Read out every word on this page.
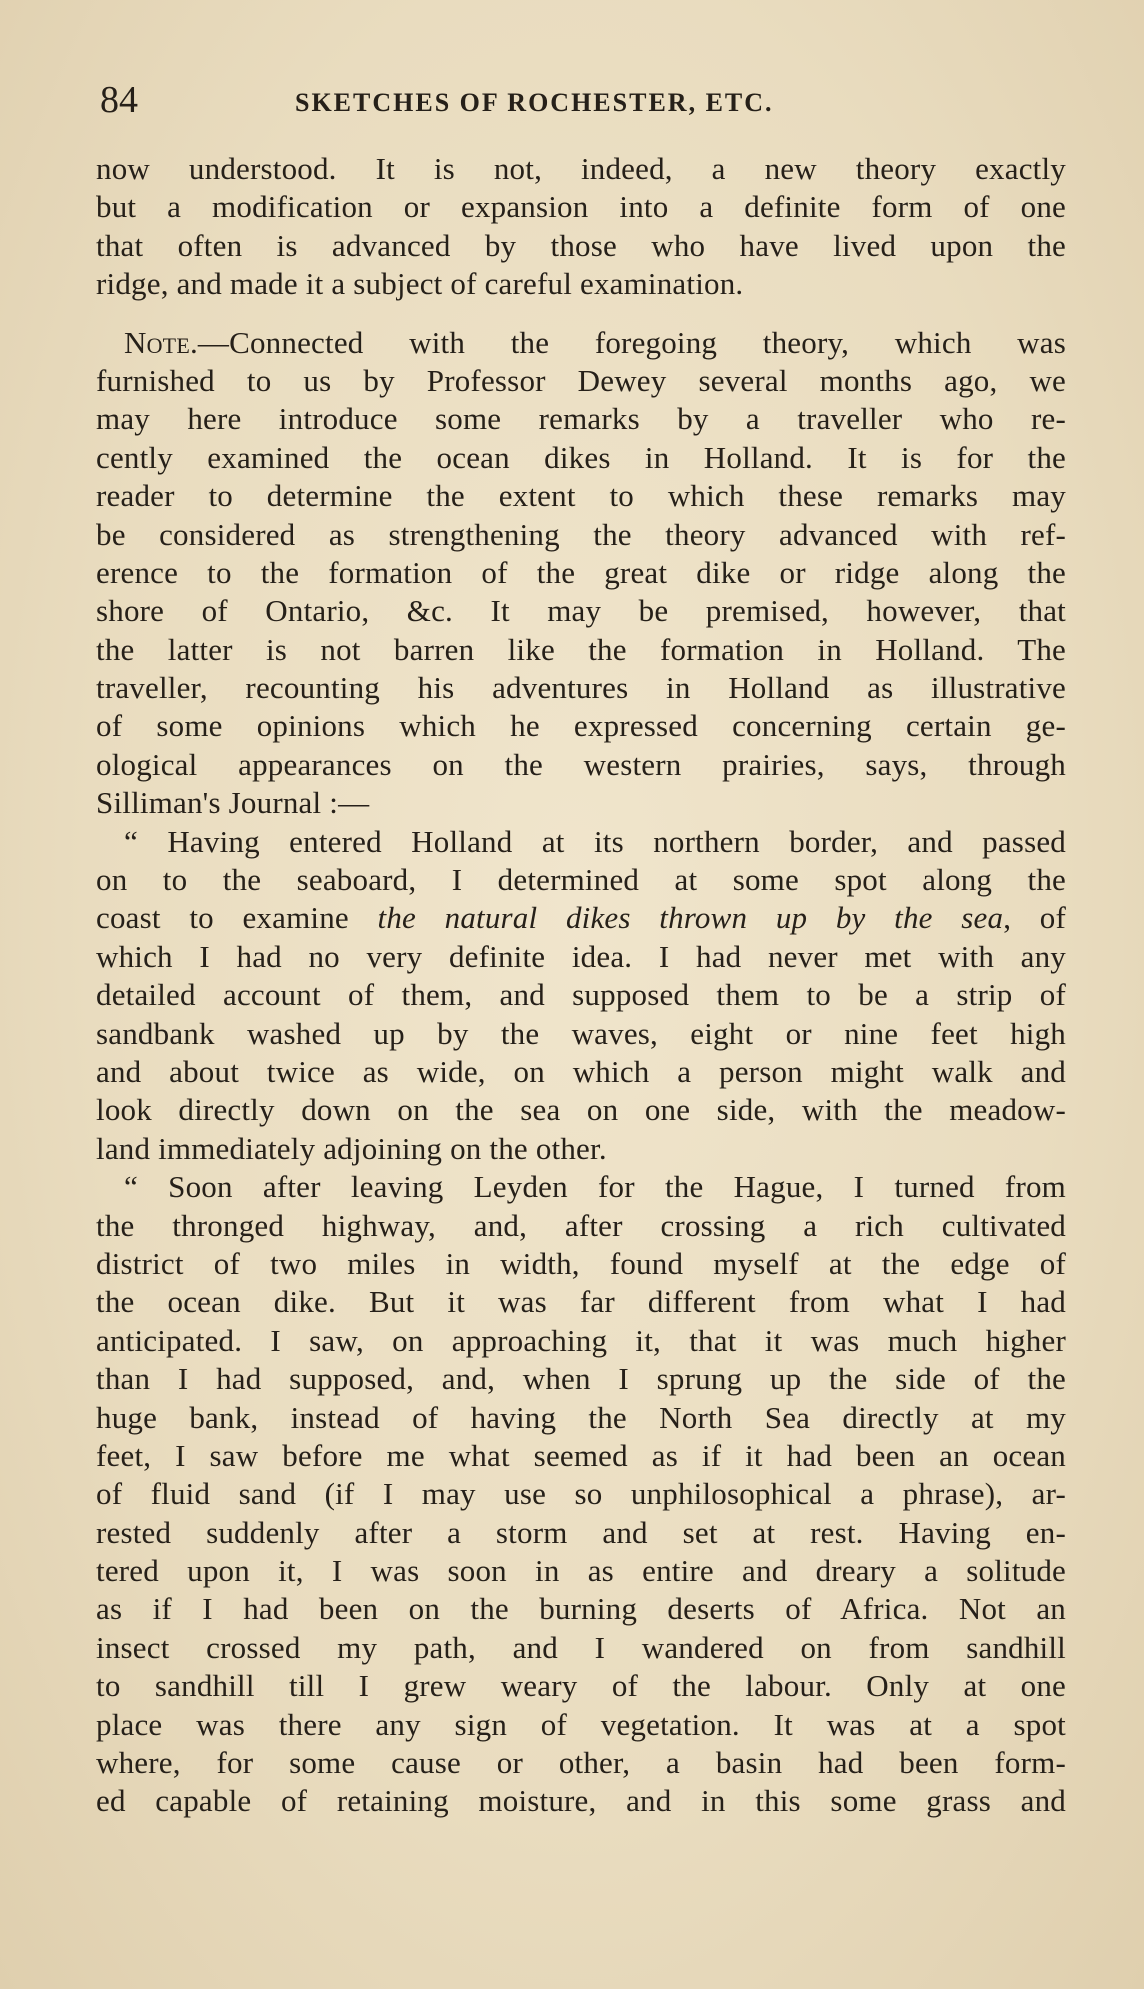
84	SKETCHES OF ROCHESTER, ETC.
now understood. It is not, indeed, a new theory exactly
but a modification or expansion into a definite form of one
that often is advanced by those who have lived upon the
ridge, and made it a subject of careful examination.
Note.—Connected with the foregoing theory, which was
furnished to us by Professor Dewey several months ago, we
may here introduce some remarks by a traveller who re-
cently examined the ocean dikes in Holland. It is for the
reader to determine the extent to which these remarks may
be considered as strengthening the theory advanced with ref-
erence to the formation of the great dike or ridge along the
shore of Ontario, &c. It may be premised, however, that
the latter is not barren like the formation in Holland. The
traveller, recounting his adventures in Holland as illustrative
of some opinions which he expressed concerning certain ge-
ological appearances on the western prairies, says, through
Silliman's Journal :—
“ Having entered Holland at its northern border, and passed
on to the seaboard, I determined at some spot along the
coast to examine the natural dikes thrown up by the sea, of
which I had no very definite idea. I had never met with any
detailed account of them, and supposed them to be a strip of
sandbank washed up by the waves, eight or nine feet high
and about twice as wide, on which a person might walk and
look directly down on the sea on one side, with the meadow-
land immediately adjoining on the other.
“ Soon after leaving Leyden for the Hague, I turned from
the thronged highway, and, after crossing a rich cultivated
district of two miles in width, found myself at the edge of
the ocean dike. But it was far different from what I had
anticipated. I saw, on approaching it, that it was much higher
than I had supposed, and, when I sprung up the side of the
huge bank, instead of having the North Sea directly at my
feet, I saw before me what seemed as if it had been an ocean
of fluid sand (if I may use so unphilosophical a phrase), ar-
rested suddenly after a storm and set at rest. Having en-
tered upon it, I was soon in as entire and dreary a solitude
as if I had been on the burning deserts of Africa. Not an
insect crossed my path, and I wandered on from sandhill
to sandhill till I grew weary of the labour. Only at one
place was there any sign of vegetation. It was at a spot
where, for some cause or other, a basin had been form-
ed capable of retaining moisture, and in this some grass and
